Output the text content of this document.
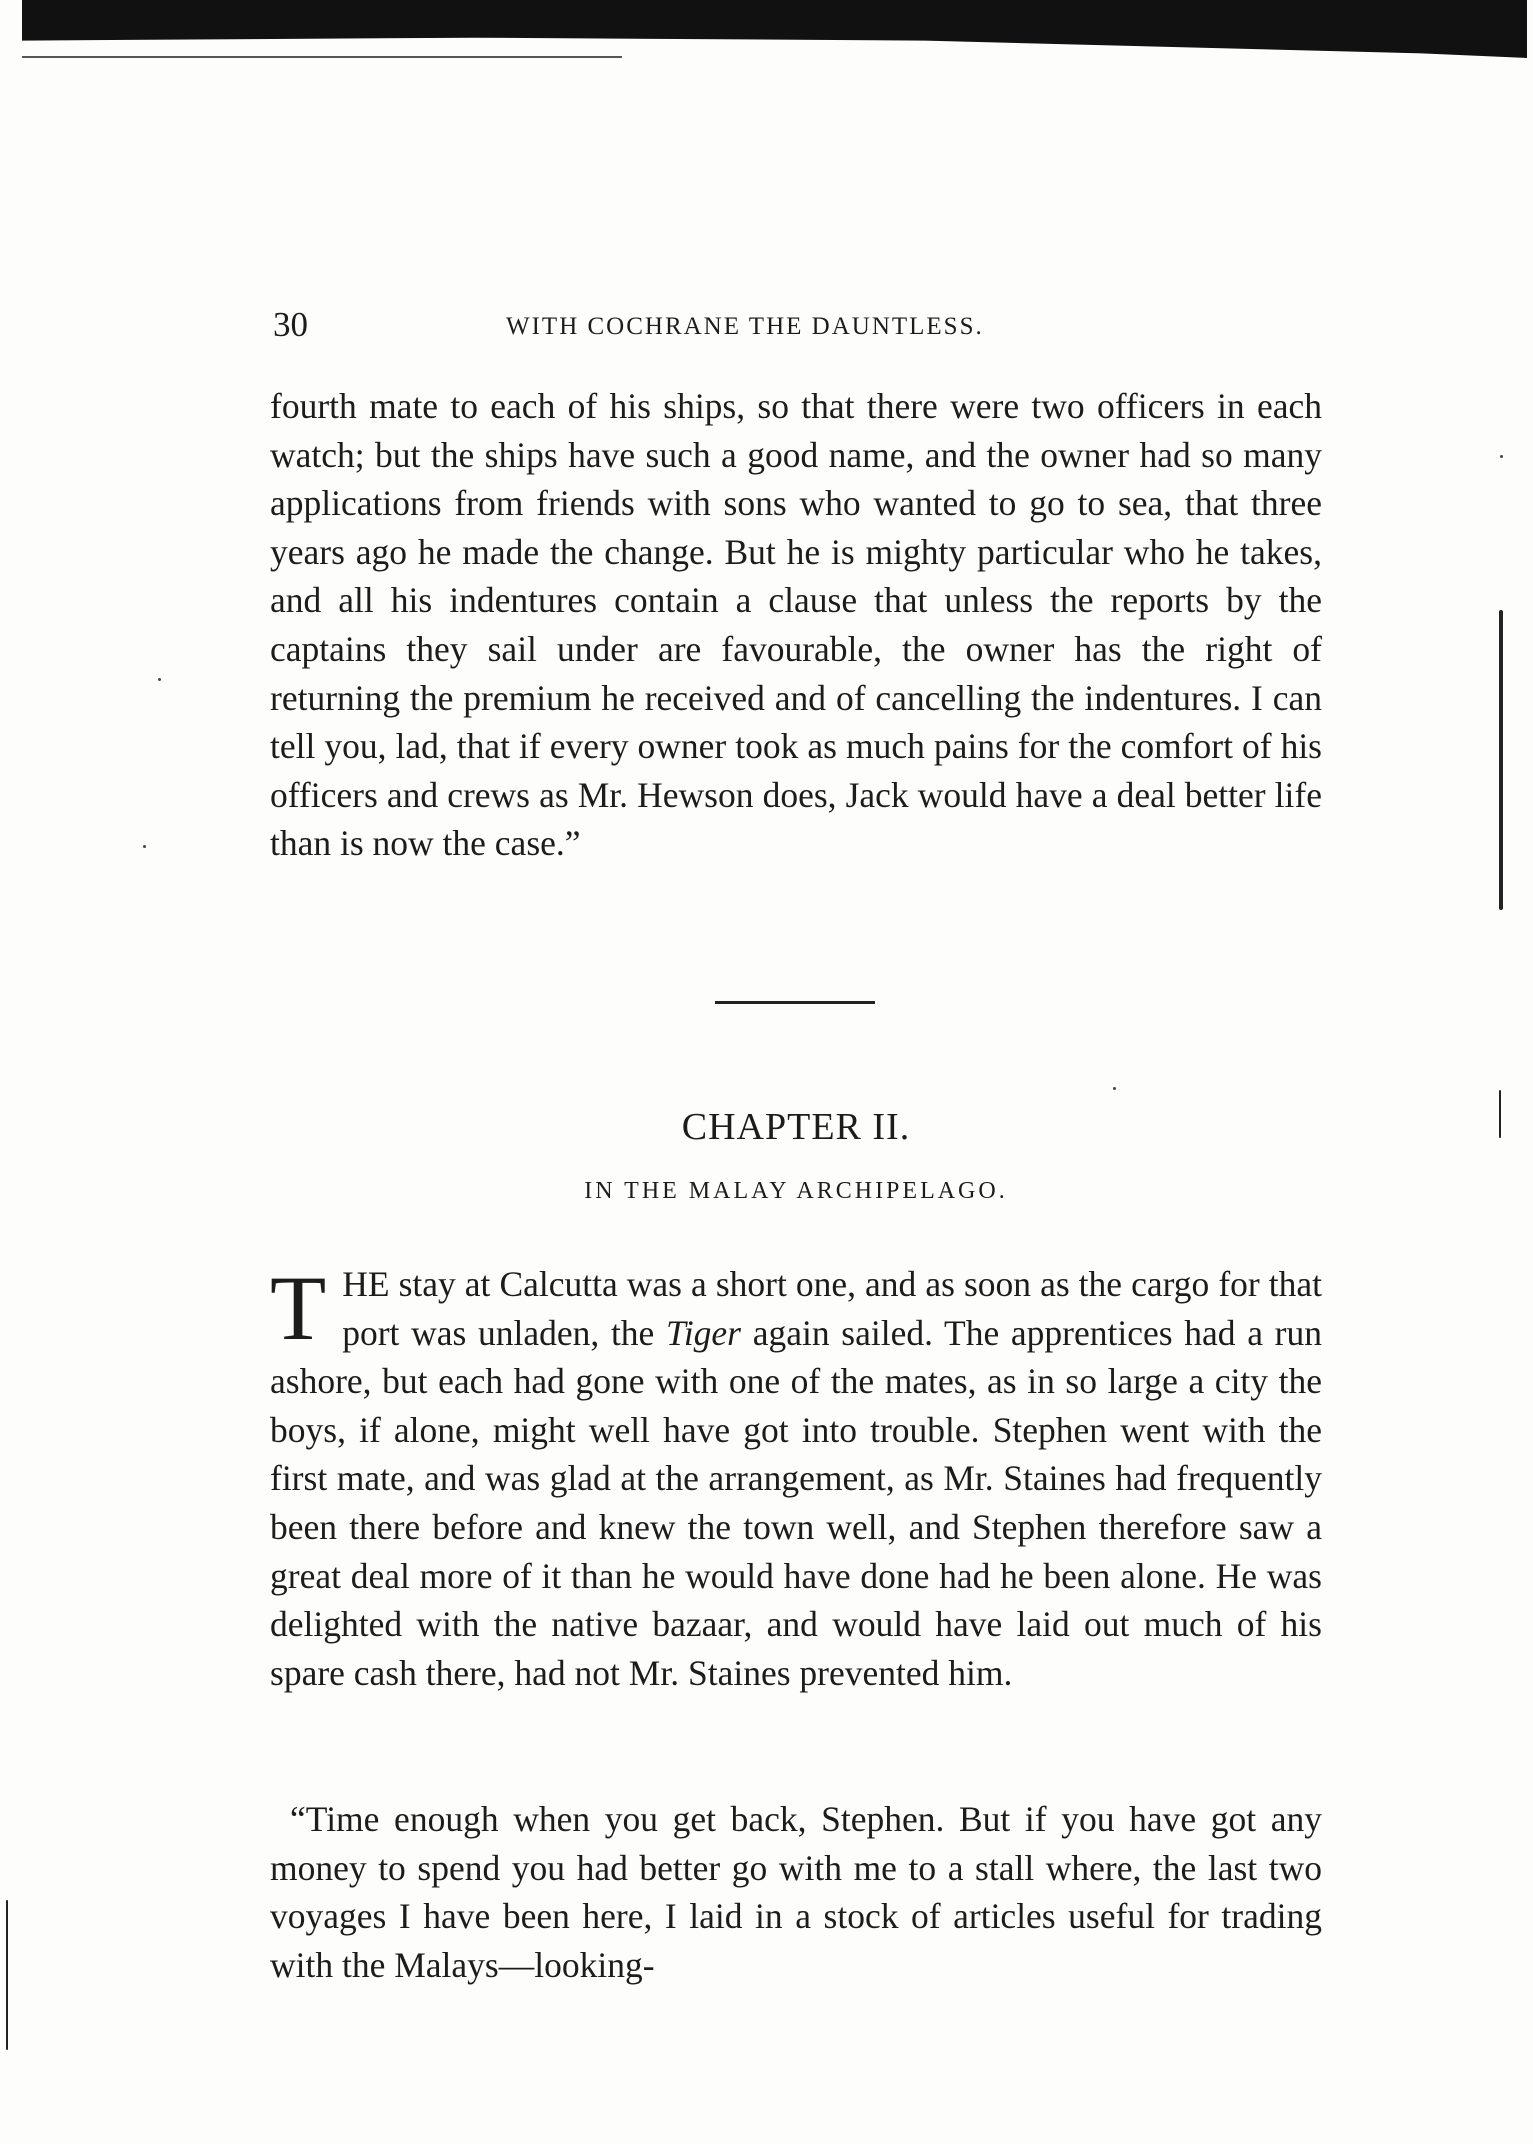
30	WITH COCHRANE THE DAUNTLESS.

fourth mate to each of his ships, so that there were two officers in each watch; but the ships have such a good name, and the owner had so many applications from friends with sons who wanted to go to sea, that three years ago he made the change. But he is mighty particular who he takes, and all his indentures contain a clause that unless the reports by the captains they sail under are favourable, the owner has the right of returning the premium he received and of cancelling the indentures. I can tell you, lad, that if every owner took as much pains for the comfort of his officers and crews as Mr. Hewson does, Jack would have a deal better life than is now the case.”

CHAPTER II.
IN THE MALAY ARCHIPELAGO.

THE stay at Calcutta was a short one, and as soon as the cargo for that port was unladen, the Tiger again sailed. The apprentices had a run ashore, but each had gone with one of the mates, as in so large a city the boys, if alone, might well have got into trouble. Stephen went with the first mate, and was glad at the arrangement, as Mr. Staines had frequently been there before and knew the town well, and Stephen therefore saw a great deal more of it than he would have done had he been alone. He was delighted with the native bazaar, and would have laid out much of his spare cash there, had not Mr. Staines prevented him.

“Time enough when you get back, Stephen. But if you have got any money to spend you had better go with me to a stall where, the last two voyages I have been here, I laid in a stock of articles useful for trading with the Malays—looking-
